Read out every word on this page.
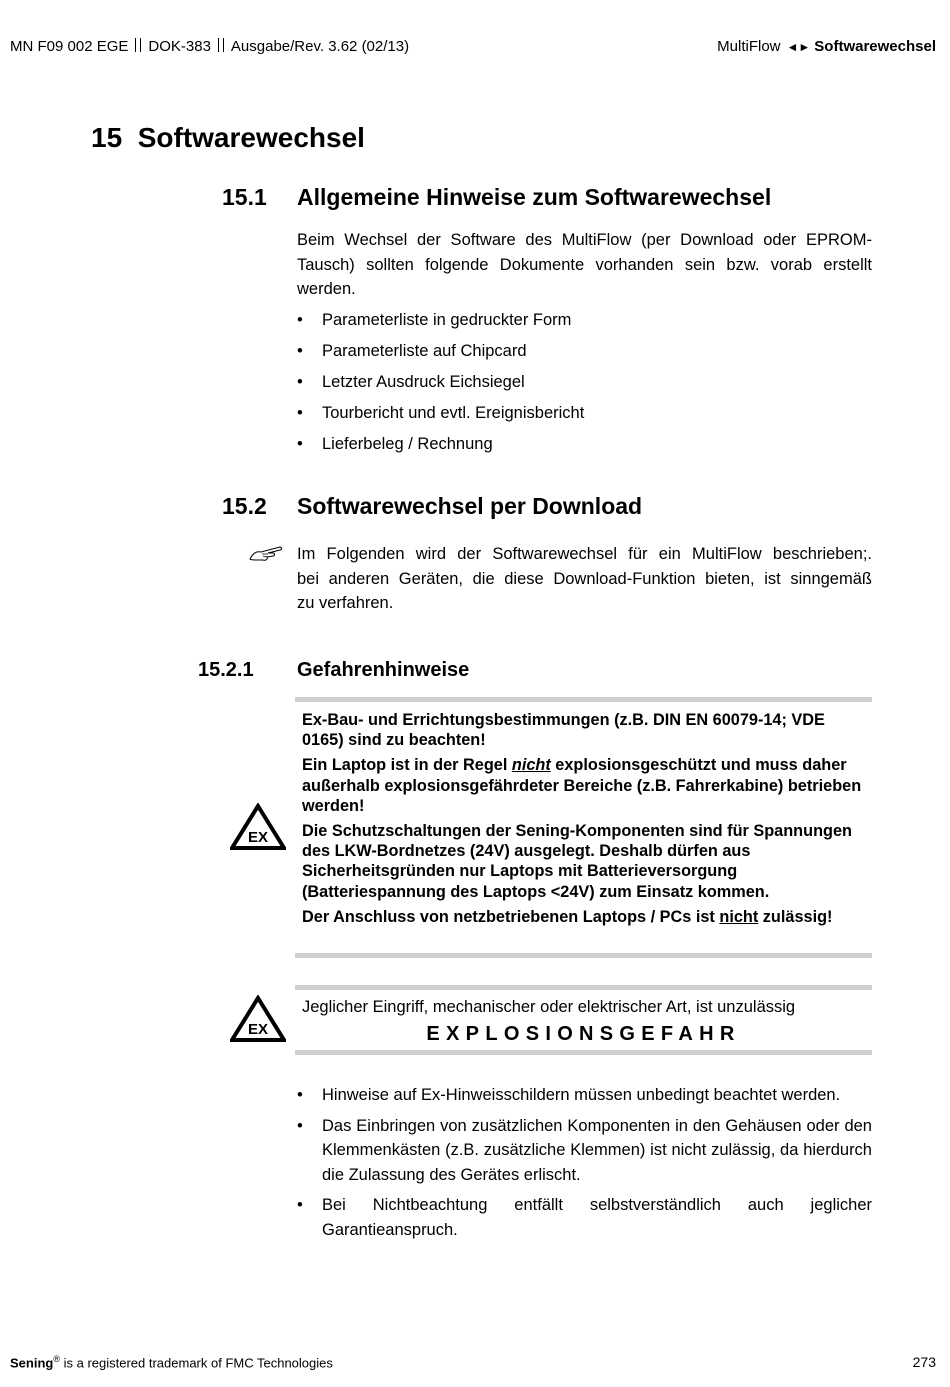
MN F09 002 EGE DOK-383 Ausgabe/Rev. 3.62 (02/13)	MultiFlow ◄► Softwarewechsel
15 Softwarewechsel
15.1 Allgemeine Hinweise zum Softwarewechsel
Beim Wechsel der Software des MultiFlow (per Download oder EPROM-
Tausch) sollten folgende Dokumente vorhanden sein bzw. vorab erstellt
werden.
• Parameterliste in gedruckter Form
• Parameterliste auf Chipcard
• Letzter Ausdruck Eichsiegel
• Tourbericht und evtl. Ereignisbericht
• Lieferbeleg / Rechnung
15.2 Softwarewechsel per Download
Im Folgenden wird der Softwarewechsel für ein MultiFlow beschrieben;.
bei anderen Geräten, die diese Download-Funktion bieten, ist sinngemäß
zu verfahren.
15.2.1 Gefahrenhinweise
EX

Ex-Bau- und Errichtungsbestimmungen (z.B. DIN EN 60079-14; VDE 0165) sind zu beachten!

Ein Laptop ist in der Regel nicht explosionsgeschützt und muss daher außerhalb explosionsgefährdeter Bereiche (z.B. Fahrerkabine) betrieben werden!

Die Schutzschaltungen der Sening-Komponenten sind für Spannungen des LKW-Bordnetzes (24V) ausgelegt. Deshalb dürfen aus Sicherheitsgründen nur Laptops mit Batterieversorgung (Batteriespannung des Laptops <24V) zum Einsatz kommen.

Der Anschluss von netzbetriebenen Laptops / PCs ist nicht zulässig!

EX
Jeglicher Eingriff, mechanischer oder elektrischer Art, ist unzulässig
EXPLOSIONSGEFAHR
• Hinweise auf Ex-Hinweisschildern müssen unbedingt beachtet werden.
• Das Einbringen von zusätzlichen Komponenten in den Gehäusen oder den Klemmenkästen (z.B. zusätzliche Klemmen) ist nicht zulässig, da hierdurch die Zulassung des Gerätes erlischt.
• Bei Nichtbeachtung entfällt selbstverständlich auch jeglicher Garantieanspruch.
Sening® is a registered trademark of FMC Technologies	273
